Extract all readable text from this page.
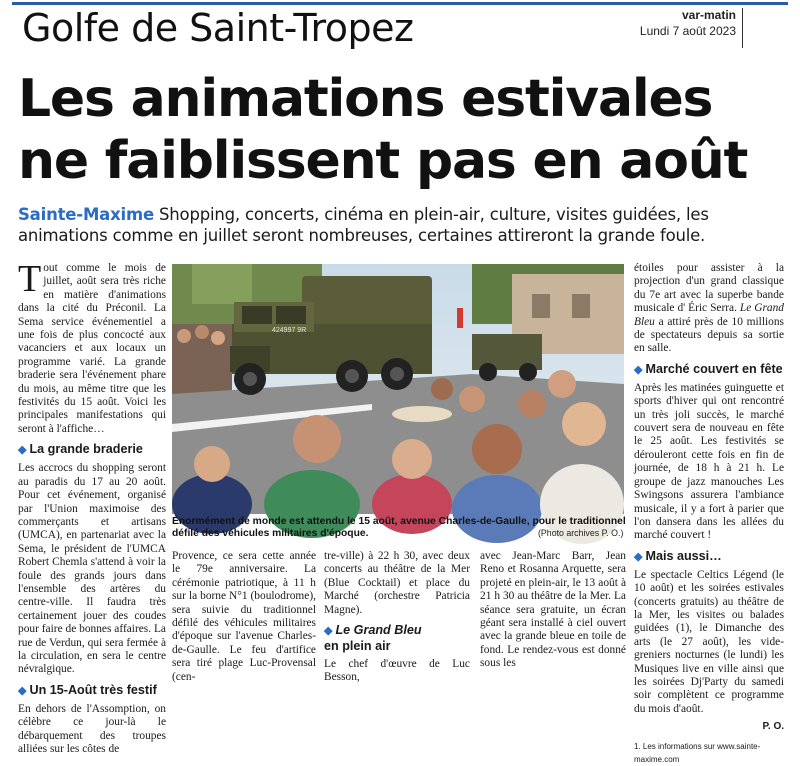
Golfe de Saint-Tropez	var-matin
Lundi 7 août 2023
Les animations estivales
ne faiblissent pas en août
Sainte-Maxime Shopping, concerts, cinéma en plein-air, culture, visites guidées, les animations comme en juillet seront nombreuses, certaines attireront la grande foule.

Tout comme le mois de juillet, août sera très riche en matière d'animations dans la cité du Préconil. La Sema service événementiel a une fois de plus concocté aux vacanciers et aux locaux un programme varié. La grande braderie sera l'événement phare du mois, au même titre que les festivités du 15 août. Voici les principales manifestations qui seront à l'affiche…

◆ La grande braderie

Les accrocs du shopping seront au paradis du 17 au 20 août. Pour cet événement, organisé par l'Union maximoise des commerçants et artisans (UMCA), en partenariat avec la Sema, le président de l'UMCA Robert Chemla s'attend à voir la foule des grands jours dans l'ensemble des artères du centre-ville. Il faudra très certainement jouer des coudes pour faire de bonnes affaires. La rue de Verdun, qui sera fermée à la circulation, en sera le centre névralgique.

◆ Un 15-Août très festif

En dehors de l'Assomption, on célèbre ce jour-là le débarquement des troupes alliées sur les côtes de

424997 9R
Énormément de monde est attendu le 15 août, avenue Charles-de-Gaulle, pour le traditionnel défilé des véhicules militaires d'époque.	(Photo archives P. O.)

Provence, ce sera cette année le 79e anniversaire. La cérémonie patriotique, à 11 h sur la borne N°1 (boulodrome), sera suivie du traditionnel défilé des véhicules militaires d'époque sur l'avenue Charles-de-Gaulle. Le feu d'artifice sera tiré plage Luc-Provensal (cen-

tre-ville) à 22 h 30, avec deux concerts au théâtre de la Mer (Blue Cocktail) et place du Marché (orchestre Patricia Magne).

◆ Le Grand Bleu
en plein air

Le chef d'œuvre de Luc Besson,

avec Jean-Marc Barr, Jean Reno et Rosanna Arquette, sera projeté en plein-air, le 13 août à 21 h 30 au théâtre de la Mer. La séance sera gratuite, un écran géant sera installé à ciel ouvert avec la grande bleue en toile de fond. Le rendez-vous est donné sous les

étoiles pour assister à la projection d'un grand classique du 7e art avec la superbe bande musicale d' Éric Serra. Le Grand Bleu a attiré près de 10 millions de spectateurs depuis sa sortie en salle.

◆ Marché couvert en fête

Après les matinées guinguette et sports d'hiver qui ont rencontré un très joli succès, le marché couvert sera de nouveau en fête le 25 août. Les festivités se dérouleront cette fois en fin de journée, de 18 h à 21 h. Le groupe de jazz manouches Les Swingsons assurera l'ambiance musicale, il y a fort à parier que l'on dansera dans les allées du marché couvert !

◆ Mais aussi…

Le spectacle Celtics Légend (le 10 août) et les soirées estivales (concerts gratuits) au théâtre de la Mer, les visites ou balades guidées (1), le Dimanche des arts (le 27 août), les vide-greniers nocturnes (le lundi) les Musiques live en ville ainsi que les soirées Dj'Party du samedi soir complètent ce programme du mois d'août.

P. O.
1. Les informations sur www.sainte-maxime.com
